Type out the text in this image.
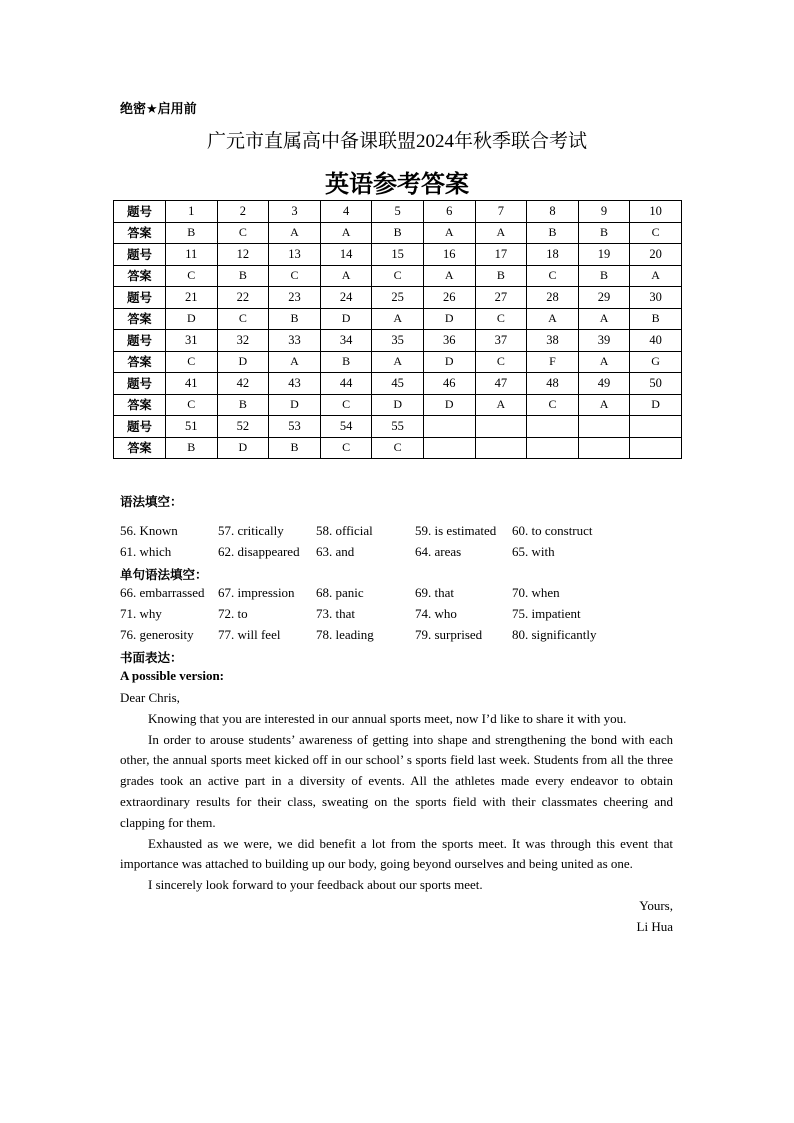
绝密★启用前
广元市直属高中备课联盟2024年秋季联合考试
英语参考答案
题号	1	2	3	4	5	6	7	8	9	10
答案	B	C	A	A	B	A	A	B	B	C
题号	11	12	13	14	15	16	17	18	19	20
答案	C	B	C	A	C	A	B	C	B	A
题号	21	22	23	24	25	26	27	28	29	30
答案	D	C	B	D	A	D	C	A	A	B
题号	31	32	33	34	35	36	37	38	39	40
答案	C	D	A	B	A	D	C	F	A	G
题号	41	42	43	44	45	46	47	48	49	50
答案	C	B	D	C	D	D	A	C	A	D
题号	51	52	53	54	55					
答案	B	D	B	C	C					
语法填空：
56. Known	57. critically 58. official	59. is estimated 60. to construct
61. which	62. disappeared 63. and	64. areas	65. with
单句语法填空：
66. embarrassed 67. impression 68. panic	69. that	70. when
71. why	72. to	73. that	74. who	75. impatient
76. generosity 77. will feel	78. leading	79. surprised 80. significantly
书面表达：
A possible version:

Dear Chris,

Knowing that you are interested in our annual sports meet, now I’d like to share it with you.

In order to arouse students’ awareness of getting into shape and strengthening the bond with each other, the annual sports meet kicked off in our school’ s sports field last week. Students from all the three grades took an active part in a diversity of events. All the athletes made every endeavor to obtain extraordinary results for their class, sweating on the sports field with their classmates cheering and clapping for them.

Exhausted as we were, we did benefit a lot from the sports meet. It was through this event that importance was attached to building up our body, going beyond ourselves and being united as one.

I sincerely look forward to your feedback about our sports meet.

Yours,

Li Hua
